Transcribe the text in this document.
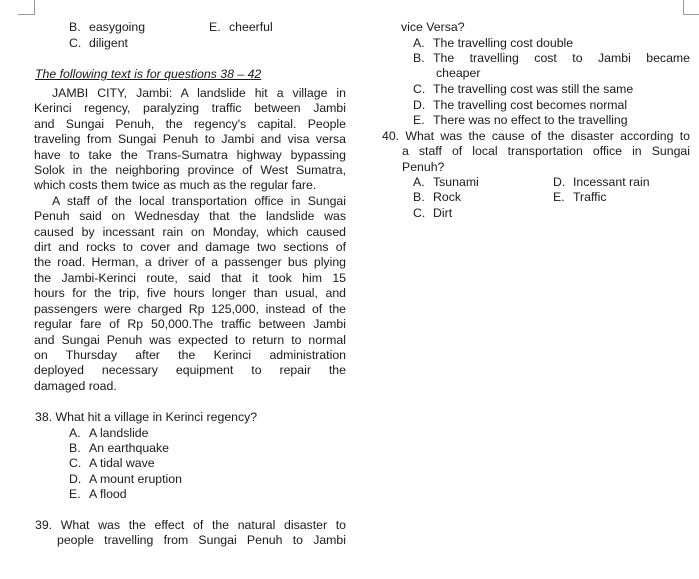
B. easygoing	E. cheerful
C. diligent
The following text is for questions 38 – 42
JAMBI CITY, Jambi: A landslide hit a village in
Kerinci regency, paralyzing traffic between Jambi
and Sungai Penuh, the regency's capital. People
traveling from Sungai Penuh to Jambi and visa versa
have to take the Trans-Sumatra highway bypassing
Solok in the neighboring province of West Sumatra,
which costs them twice as much as the regular fare.
A staff of the local transportation office in Sungai
Penuh said on Wednesday that the landslide was
caused by incessant rain on Monday, which caused
dirt and rocks to cover and damage two sections of
the road. Herman, a driver of a passenger bus plying
the Jambi-Kerinci route, said that it took him 15
hours for the trip, five hours longer than usual, and
passengers were charged Rp 125,000, instead of the
regular fare of Rp 50,000.The traffic between Jambi
and Sungai Penuh was expected to return to normal
on Thursday after the Kerinci administration
deployed necessary equipment to repair the
damaged road.
38. What hit a village in Kerinci regency?
A. A landslide
B. An earthquake
C. A tidal wave
D. A mount eruption
E. A flood
39. What was the effect of the natural disaster to
people travelling from Sungai Penuh to Jambi
vice Versa?
A. The travelling cost double
B. The travelling cost to Jambi became
cheaper
C. The travelling cost was still the same
D. The travelling cost becomes normal
E. There was no effect to the travelling
40. What was the cause of the disaster according to
a staff of local transportation office in Sungai
Penuh?
A. Tsunami	D. Incessant rain
B. Rock	E. Traffic
C. Dirt
